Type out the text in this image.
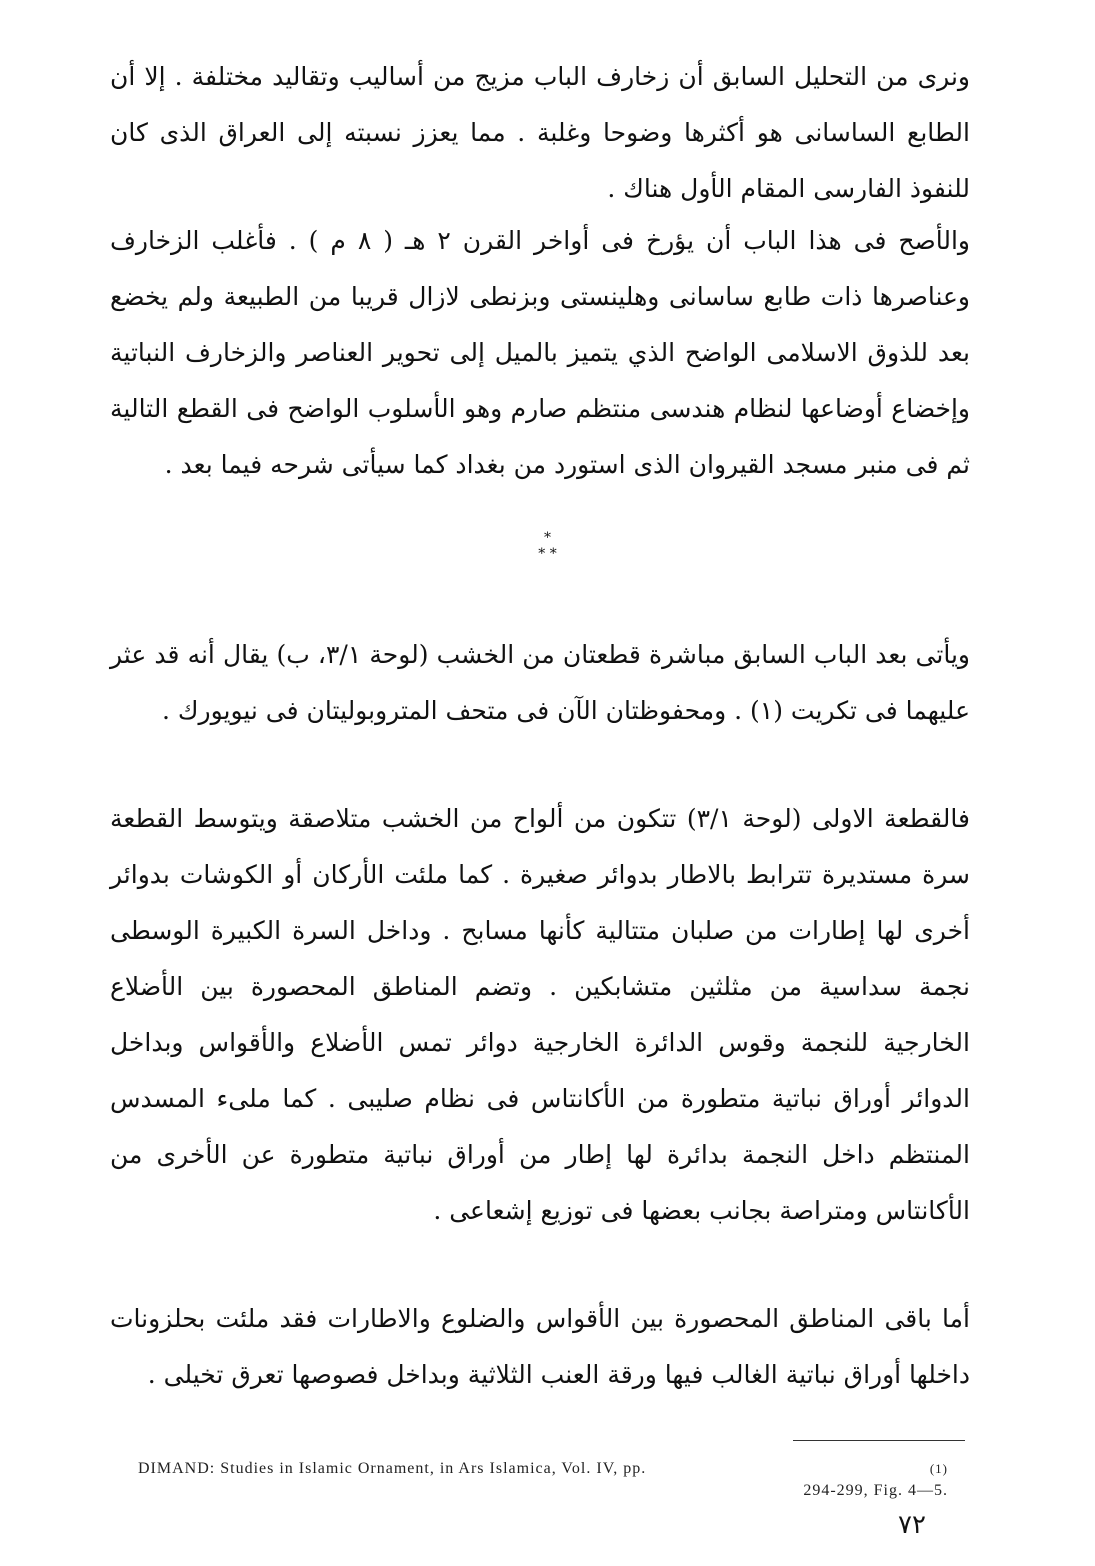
ونرى من التحليل السابق أن زخارف الباب مزيج من أساليب وتقاليد مختلفة . إلا أن الطابع الساسانى هو أكثرها وضوحا وغلبة . مما يعزز نسبته إلى العراق الذى كان للنفوذ الفارسى المقام الأول هناك .

والأصح فى هذا الباب أن يؤرخ فى أواخر القرن ٢ هـ ( ٨ م ) . فأغلب الزخارف وعناصرها ذات طابع ساسانى وهلينستى وبزنطى لازال قريبا من الطبيعة ولم يخضع بعد للذوق الاسلامى الواضح الذي يتميز بالميل إلى تحوير العناصر والزخارف النباتية وإخضاع أوضاعها لنظام هندسى منتظم صارم وهو الأسلوب الواضح فى القطع التالية ثم فى منبر مسجد القيروان الذى استورد من بغداد كما سيأتى شرحه فيما بعد .

*
* *

ويأتى بعد الباب السابق مباشرة قطعتان من الخشب (لوحة ٣/١، ب) يقال أنه قد عثر عليهما فى تكريت (١) . ومحفوظتان الآن فى متحف المتروبوليتان فى نيويورك .

فالقطعة الاولى (لوحة ٣/١) تتكون من ألواح من الخشب متلاصقة ويتوسط القطعة سرة مستديرة تترابط بالاطار بدوائر صغيرة . كما ملئت الأركان أو الكوشات بدوائر أخرى لها إطارات من صلبان متتالية كأنها مسابح . وداخل السرة الكبيرة الوسطى نجمة سداسية من مثلثين متشابكين . وتضم المناطق المحصورة بين الأضلاع الخارجية للنجمة وقوس الدائرة الخارجية دوائر تمس الأضلاع والأقواس وبداخل الدوائر أوراق نباتية متطورة من الأكانتاس فى نظام صليبى . كما ملىء المسدس المنتظم داخل النجمة بدائرة لها إطار من أوراق نباتية متطورة عن الأخرى من الأكانتاس ومتراصة بجانب بعضها فى توزيع إشعاعى .

أما باقى المناطق المحصورة بين الأقواس والضلوع والاطارات فقد ملئت بحلزونات داخلها أوراق نباتية الغالب فيها ورقة العنب الثلاثية وبداخل فصوصها تعرق تخيلى .

DIMAND: Studies in Islamic Ornament, in Ars Islamica, Vol. IV, pp.
294-299, Fig. 4—5.
(1)
٧٢
